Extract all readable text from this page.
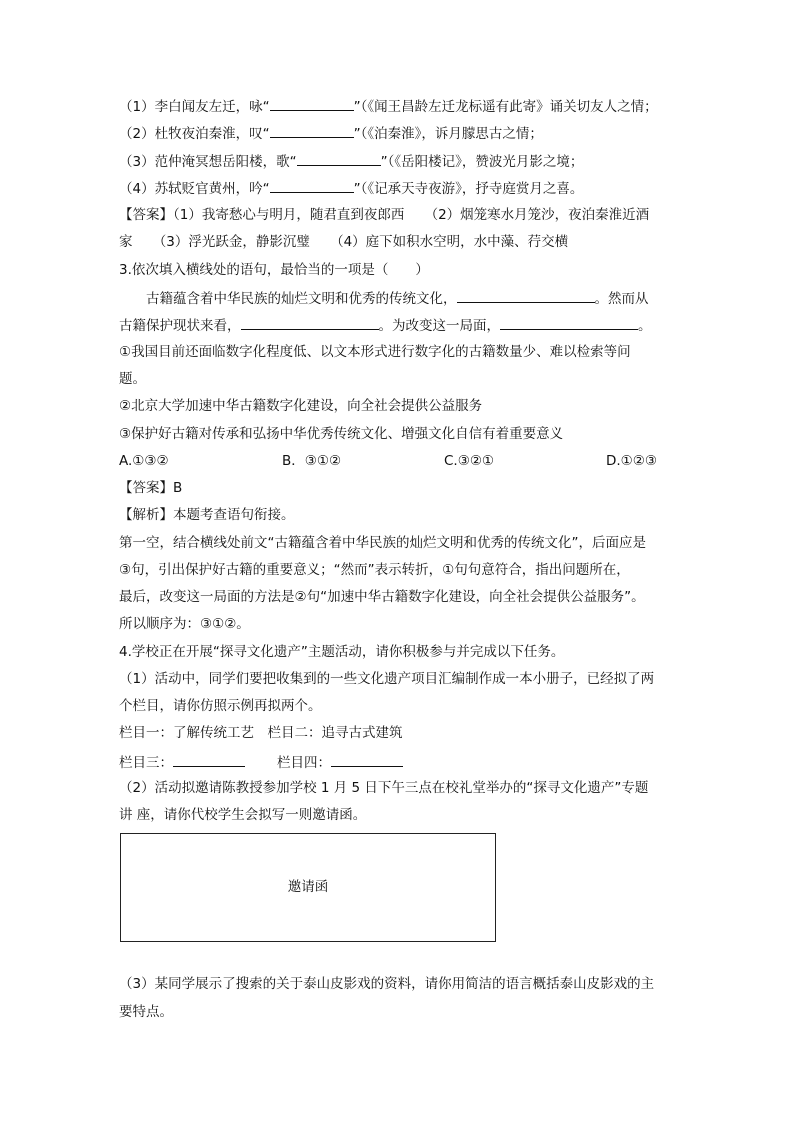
（1）李白闻友左迁，咏“	”（《闻王昌龄左迁龙标遥有此寄》诵关切友人之情；
（2）杜牧夜泊秦淮，叹“	”（《泊秦淮》，诉月朦思古之情；
（3）范仲淹冥想岳阳楼，歌“	”（《岳阳楼记》，赞波光月影之境；
（4）苏轼贬官黄州，吟“	”（《记承天寺夜游》，抒寺庭赏月之喜。
【答案】（1）我寄愁心与明月，随君直到夜郎西　　（2）烟笼寒水月笼沙，夜泊秦淮近酒
家　　（3）浮光跃金，静影沉璧　　（4）庭下如积水空明，水中藻、荇交横
3.依次填入横线处的语句，最恰当的一项是（　　）
古籍蕴含着中华民族的灿烂文明和优秀的传统文化，	。然而从
古籍保护现状来看，	。为改变这一局面，	。
①我国目前还面临数字化程度低、以文本形式进行数字化的古籍数量少、难以检索等问
题。
②北京大学加速中华古籍数字化建设，向全社会提供公益服务
③保护好古籍对传承和弘扬中华优秀传统文化、增强文化自信有着重要意义
A.①③②	B．③①②	C.③②①	D.①②③
【答案】B
【解析】本题考查语句衔接。
第一空，结合横线处前文“古籍蕴含着中华民族的灿烂文明和优秀的传统文化”，后面应是
③句，引出保护好古籍的重要意义；“然而”表示转折，①句句意符合，指出问题所在，
最后，改变这一局面的方法是②句“加速中华古籍数字化建设，向全社会提供公益服务”。
所以顺序为：③①②。
4.学校正在开展“探寻文化遗产”主题活动，请你积极参与并完成以下任务。
（1）活动中，同学们要把收集到的一些文化遗产项目汇编制作成一本小册子，已经拟了两
个栏目，请你仿照示例再拟两个。
栏目一：了解传统工艺　栏目二：追寻古式建筑
栏目三：	栏目四：
（2）活动拟邀请陈教授参加学校 1 月 5 日下午三点在校礼堂举办的“探寻文化遗产”专题
讲 座，请你代校学生会拟写一则邀请函。
邀请函
（3）某同学展示了搜索的关于泰山皮影戏的资料，请你用简洁的语言概括泰山皮影戏的主
要特点。
